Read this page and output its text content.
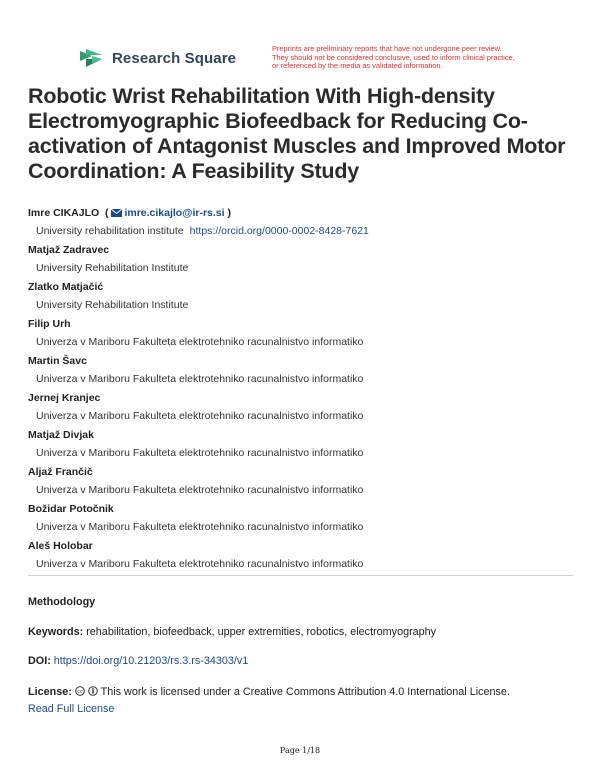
Research Square
Preprints are preliminary reports that have not undergone peer review.
They should not be considered conclusive, used to inform clinical practice,
or referenced by the media as validated information.
Robotic Wrist Rehabilitation With High-density Electromyographic Biofeedback for Reducing Co-activation of Antagonist Muscles and Improved Motor Coordination: A Feasibility Study
Imre CIKAJLO  ( imre.cikajlo@ir-rs.si )
University rehabilitation institute https://orcid.org/0000-0002-8428-7621
Matjaž Zadravec
University Rehabilitation Institute
Zlatko Matjačić
University Rehabilitation Institute
Filip Urh
Univerza v Mariboru Fakulteta elektrotehniko racunalnistvo informatiko
Martin Šavc
Univerza v Mariboru Fakulteta elektrotehniko racunalnistvo informatiko
Jernej Kranjec
Univerza v Mariboru Fakulteta elektrotehniko racunalnistvo informatiko
Matjaž Divjak
Univerza v Mariboru Fakulteta elektrotehniko racunalnistvo informatiko
Aljaž Frančič
Univerza v Mariboru Fakulteta elektrotehniko racunalnistvo informatiko
Božidar Potočnik
Univerza v Mariboru Fakulteta elektrotehniko racunalnistvo informatiko
Aleš Holobar
Univerza v Mariboru Fakulteta elektrotehniko racunalnistvo informatiko
Methodology
Keywords: rehabilitation, biofeedback, upper extremities, robotics, electromyography
DOI: https://doi.org/10.21203/rs.3.rs-34303/v1
License: cc This work is licensed under a Creative Commons Attribution 4.0 International License.
Read Full License
Page 1/18
